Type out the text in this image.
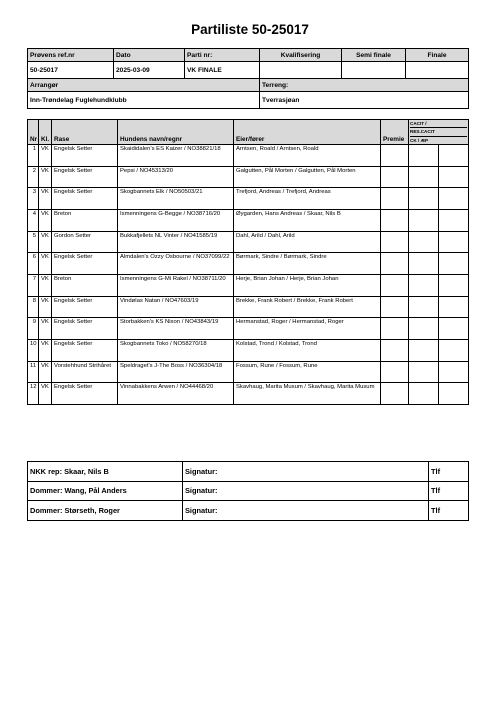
Partiliste 50-25017
Prøvens ref.nr	Dato	Parti nr:	Kvalifisering	Semi finale	Finale
50-25017	2025-03-09	VK FINALE			
Arrangør			Terreng:		
Inn-Trøndelag Fuglehundklubb			Tverrasjøan		
Nr	Kl.	Rase	Hundens navn/regnr	Eier/fører	Premie	CACIT /
RES.CACIT
CK / ÆP	
1	VK	Engelsk Setter	Skaididalen's ES Kaizer / NO38821/18	Arntsen, Roald / Arntsen, Roald			
2	VK	Engelsk Setter	Pepsi / NO45313/20	Galgutten, Pål Morten / Galgutten, Pål Morten			
3	VK	Engelsk Setter	Skogbannets Elk / NO50503/21	Trefjord, Andreas / Trefjord, Andreas			
4	VK	Breton	Ismenningens G-Begge / NO38716/20	Øygarden, Hans Andreas / Skaar, Nils B			
5	VK	Gordon Setter	Bukkafjellets NL Vinter / NO41585/19	Dahl, Arild / Dahl, Arild			
6	VK	Engelsk Setter	Almdalen's Ozzy Osbourne / NO37099/22	Børmark, Sindre / Børmark, Sindre			
7	VK	Breton	Ismenningens G-Mi Rakel / NO38711/20	Herje, Brian Johan / Herje, Brian Johan			
8	VK	Engelsk Setter	Vindølas Natan / NO47603/19	Brekke, Frank Robert / Brekke, Frank Robert			
9	VK	Engelsk Setter	Storbakken's KS Nixon / NO43843/19	Hermanstad, Roger / Hermanstad, Roger			
10	VK	Engelsk Setter	Skogbannets Toko / NO58270/18	Kolstad, Trond / Kolstad, Trond			
11	VK	Vorstehhund Strihåret	Speldraget's J-The Boss / NO36304/18	Fossum, Rune / Fossum, Rune			
12	VK	Engelsk Setter	Vinnabakkens Arwen / NO44468/20	Skavhaug, Marita Musum / Skavhaug, Marita Musum			
NKK rep: Skaar, Nils B	Signatur:	Tlf
Dommer: Wang, Pål Anders	Signatur:	Tlf
Dommer: Størseth, Roger	Signatur:	Tlf
